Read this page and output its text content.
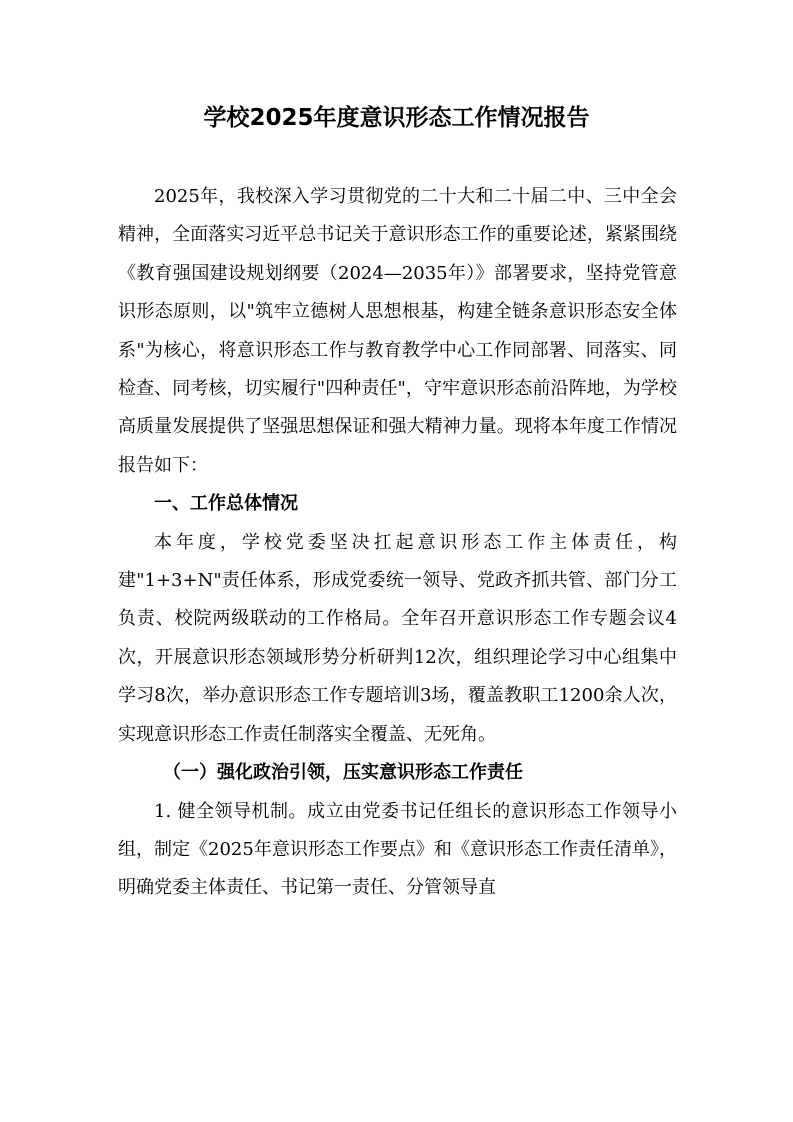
学校2025年度意识形态工作情况报告

2025年，我校深入学习贯彻党的二十大和二十届二中、三中全会精神，全面落实习近平总书记关于意识形态工作的重要论述，紧紧围绕《教育强国建设规划纲要（2024—2035年）》部署要求，坚持党管意识形态原则，以"筑牢立德树人思想根基，构建全链条意识形态安全体系"为核心，将意识形态工作与教育教学中心工作同部署、同落实、同检查、同考核，切实履行"四种责任"，守牢意识形态前沿阵地，为学校高质量发展提供了坚强思想保证和强大精神力量。现将本年度工作情况报告如下：

一、工作总体情况

本年度，学校党委坚决扛起意识形态工作主体责任，构建"1+3+N"责任体系，形成党委统一领导、党政齐抓共管、部门分工负责、校院两级联动的工作格局。全年召开意识形态工作专题会议4次，开展意识形态领域形势分析研判12次，组织理论学习中心组集中学习8次，举办意识形态工作专题培训3场，覆盖教职工1200余人次，实现意识形态工作责任制落实全覆盖、无死角。

（一）强化政治引领，压实意识形态工作责任

1. 健全领导机制。成立由党委书记任组长的意识形态工作领导小组，制定《2025年意识形态工作要点》和《意识形态工作责任清单》，明确党委主体责任、书记第一责任、分管领导直
